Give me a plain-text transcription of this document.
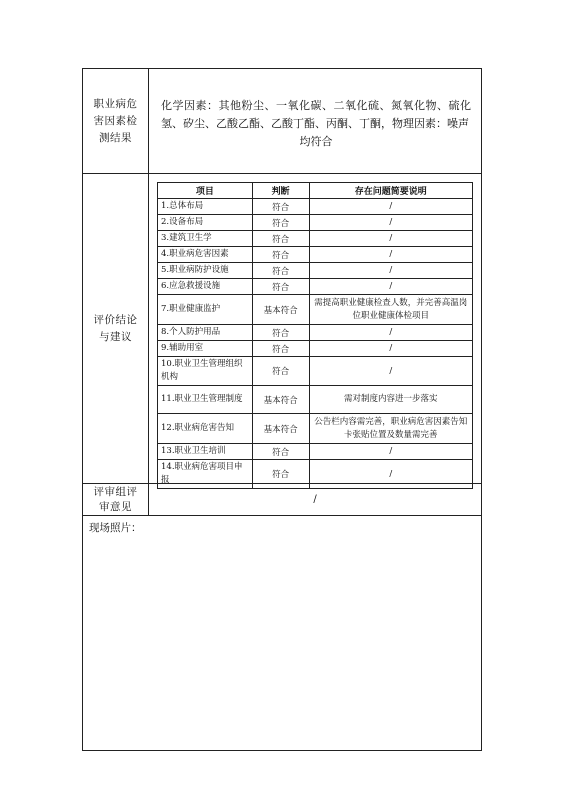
职业病危害因素检测结果
化学因素：其他粉尘、一氧化碳、二氧化硫、氮氧化物、硫化氢、矽尘、乙酸乙酯、乙酸丁酯、丙酮、丁酮，物理因素：噪声
均符合
评价结论与建议
项目	判断	存在问题简要说明
1.总体布局	符合	/
2.设备布局	符合	/
3.建筑卫生学	符合	/
4.职业病危害因素	符合	/
5.职业病防护设施	符合	/
6.应急救援设施	符合	/
7.职业健康监护	基本符合	需提高职业健康检查人数，并完善高温岗位职业健康体检项目
8.个人防护用品	符合	/
9.辅助用室	符合	/
10.职业卫生管理组织机构	符合	/
11.职业卫生管理制度	基本符合	需对制度内容进一步落实
12.职业病危害告知	基本符合	公告栏内容需完善，职业病危害因素告知卡张贴位置及数量需完善
13.职业卫生培训	符合	/
14.职业病危害项目申报	符合	/
评审组评审意见
/
现场照片：
